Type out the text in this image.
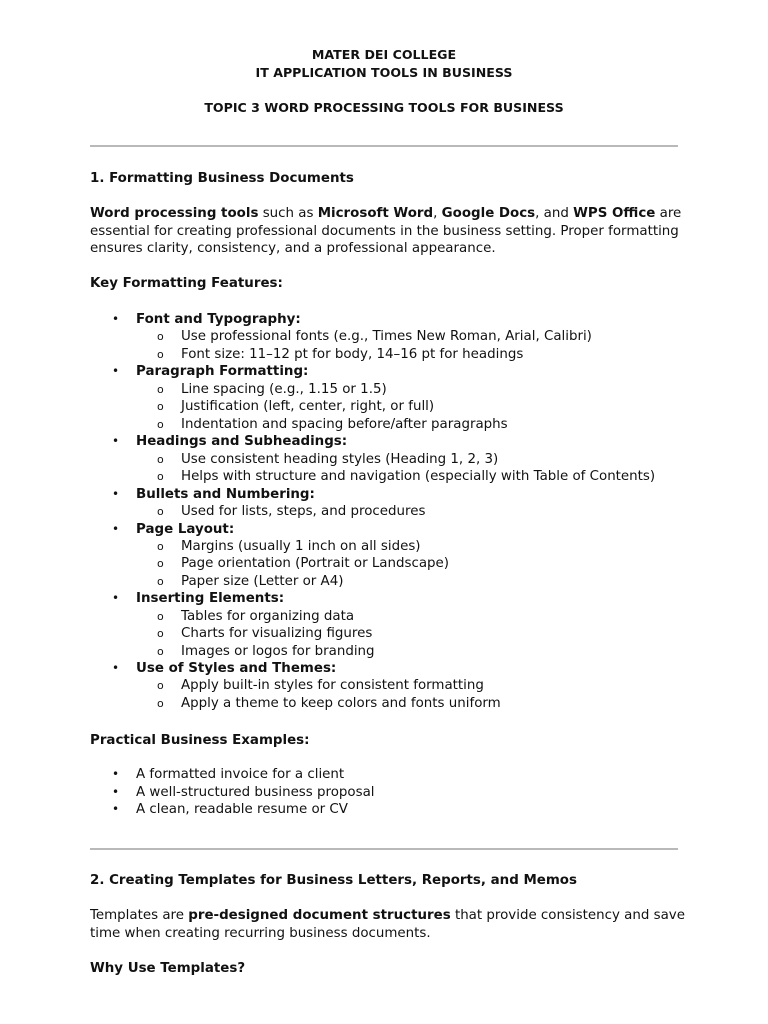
MATER DEI COLLEGE
IT APPLICATION TOOLS IN BUSINESS
TOPIC 3 WORD PROCESSING TOOLS FOR BUSINESS
1. Formatting Business Documents
Word processing tools such as Microsoft Word, Google Docs, and WPS Office are
essential for creating professional documents in the business setting. Proper formatting
ensures clarity, consistency, and a professional appearance.
Key Formatting Features:
• Font and Typography:
o Use professional fonts (e.g., Times New Roman, Arial, Calibri)
o Font size: 11–12 pt for body, 14–16 pt for headings
• Paragraph Formatting:
o Line spacing (e.g., 1.15 or 1.5)
o Justification (left, center, right, or full)
o Indentation and spacing before/after paragraphs
• Headings and Subheadings:
o Use consistent heading styles (Heading 1, 2, 3)
o Helps with structure and navigation (especially with Table of Contents)
• Bullets and Numbering:
o Used for lists, steps, and procedures
• Page Layout:
o Margins (usually 1 inch on all sides)
o Page orientation (Portrait or Landscape)
o Paper size (Letter or A4)
• Inserting Elements:
o Tables for organizing data
o Charts for visualizing figures
o Images or logos for branding
• Use of Styles and Themes:
o Apply built-in styles for consistent formatting
o Apply a theme to keep colors and fonts uniform
Practical Business Examples:
• A formatted invoice for a client
• A well-structured business proposal
• A clean, readable resume or CV
2. Creating Templates for Business Letters, Reports, and Memos
Templates are pre-designed document structures that provide consistency and save
time when creating recurring business documents.
Why Use Templates?
